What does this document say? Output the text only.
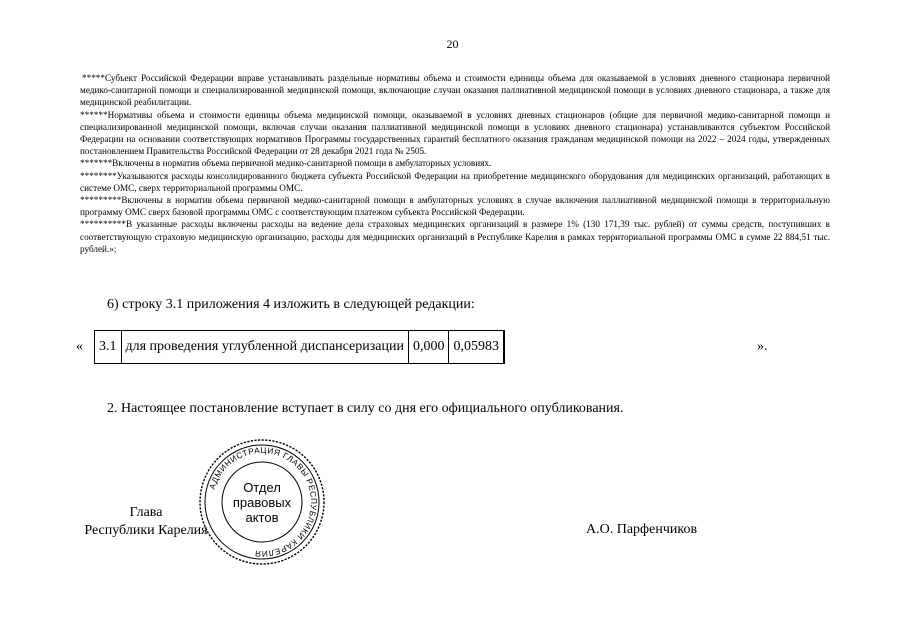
20

*****Субъект Российской Федерации вправе устанавливать раздельные нормативы объема и стоимости единицы объема для оказываемой в условиях дневного стационара первичной медико-санитарной помощи и специализированной медицинской помощи, включающие случаи оказания паллиативной медицинской помощи в условиях дневного стационара, а также для медицинской реабилитации.

******Нормативы объема и стоимости единицы объема медицинской помощи, оказываемой в условиях дневных стационаров (общие для первичной медико-санитарной помощи и специализированной медицинской помощи, включая случаи оказания паллиативной медицинской помощи в условиях дневного стационара) устанавливаются субъектом Российской Федерации на основании соответствующих нормативов Программы государственных гарантий бесплатного оказания гражданам медицинской помощи на 2022 – 2024 годы, утвержденных постановлением Правительства Российской Федерации от 28 декабря 2021 года № 2505.

*******Включены в норматив объема первичной медико-санитарной помощи в амбулаторных условиях.

********Указываются расходы консолидированного бюджета субъекта Российской Федерации на приобретение медицинского оборудования для медицинских организаций, работающих в системе ОМС, сверх территориальной программы ОМС.

*********Включены в норматив объема первичной медико-санитарной помощи в амбулаторных условиях в случае включения паллиативной медицинской помощи в территориальную программу ОМС сверх базовой программы ОМС с соответствующим платежом субъекта Российской Федерации.

**********В указанные расходы включены расходы на ведение дела страховых медицинских организаций в размере 1% (130 171,39 тыс. рублей) от суммы средств, поступивших в соответствующую страховую медицинскую организацию, расходы для медицинских организаций в Республике Карелия в рамках территориальной программы ОМС в сумме 22 884,51 тыс. рублей.»;

6) строку 3.1 приложения 4 изложить в следующей редакции:
« 3.1	для проведения углубленной диспансеризации	0,000	0,05983		».
2. Настоящее постановление вступает в силу со дня его официального опубликования.
Глава
Республики Карелия	А.О. Парфенчиков
АДМИНИСТРАЦИЯ ГЛАВЫ РЕСПУБЛИКИ КАРЕЛИЯ
Отдел
правовых
актов
